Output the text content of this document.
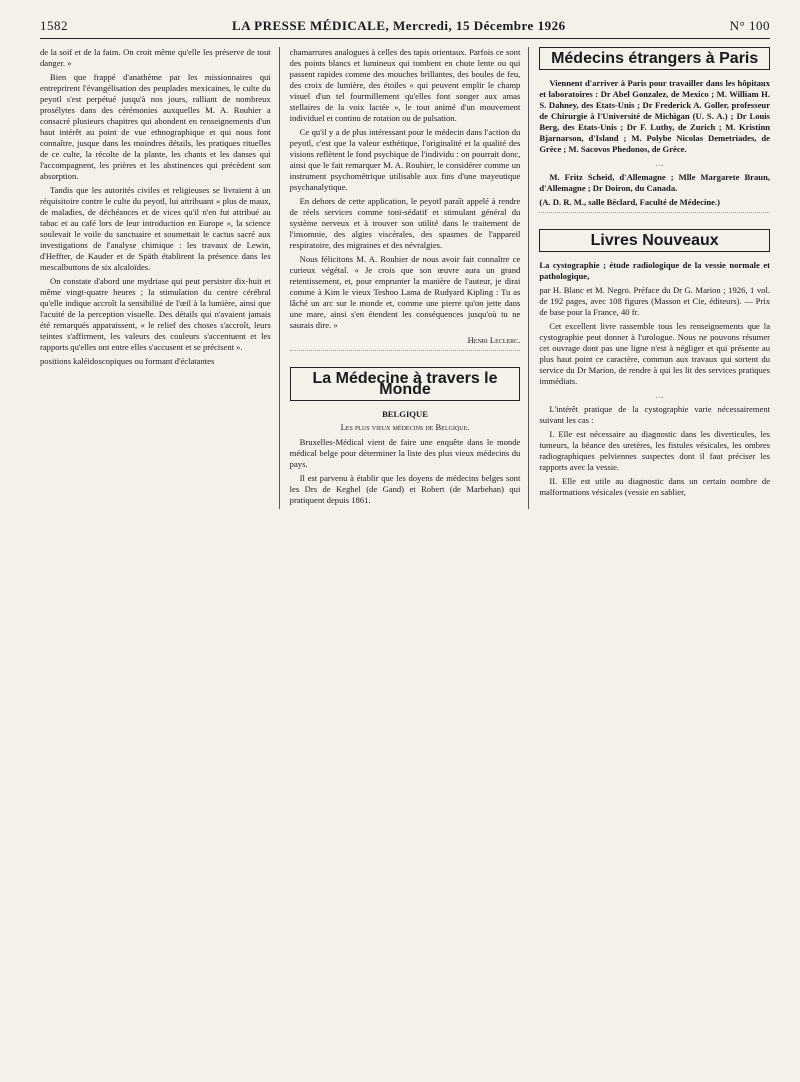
1582	LA PRESSE MÉDICALE, Mercredi, 15 Décembre 1926	N° 100

de la soif et de la faim. On croit même qu'elle les préserve de tout danger. »

Bien que frappé d'anathème par les missionnaires qui entreprirent l'évangélisation des peuplades mexicaines, le culte du peyotl s'est perpétué jusqu'à nos jours, ralliant de nombreux prosélytes dans des cérémonies auxquelles M. A. Rouhier a consacré plusieurs chapitres qui abondent en renseignements d'un haut intérêt au point de vue ethnographique et qui nous font connaître, jusque dans les moindres détails, les pratiques rituelles de ce culte, la récolte de la plante, les chants et les danses qui l'accompagnent, les prières et les abstinences qui précèdent son absorption.

Tandis que les autorités civiles et religieuses se livraient à un réquisitoire contre le culte du peyotl, lui attribuant « plus de maux, de maladies, de déchéances et de vices qu'il n'en fut attribué au tabac et au café lors de leur introduction en Europe », la science soulevait le voile du sanctuaire et soumettait le cactus sacré aux investigations de l'analyse chimique : les travaux de Lewin, d'Heffter, de Kauder et de Späth établirent la présence dans les mescalbuttons de six alcaloïdes.

On constate d'abord une mydriase qui peut persister dix-huit et même vingt-quatre heures ; la stimulation du centre cérébral qu'elle indique accroît la sensibilité de l'œil à la lumière, ainsi que l'acuité de la perception visuelle. Des détails qui n'avaient jamais été remarqués apparaissent, « le relief des choses s'accroît, leurs teintes s'affirment, les valeurs des couleurs s'accentuent et les rapports qu'elles ont entre elles s'accusent et se précisent ».

positions kaléidoscopiques ou formant d'éclatantes

chamarrures analogues à celles des tapis orientaux. Parfois ce sont des points blancs et lumineux qui tombent en chute lente ou qui passent rapides comme des mouches brillantes, des boules de feu, des croix de lumière, des étoiles « qui peuvent emplir le champ visuel d'un tel fourmillement qu'elles font songer aux amas stellaires de la voix lactée », le tout animé d'un mouvement individuel et continu de rotation ou de pulsation.

Ce qu'il y a de plus intéressant pour le médecin dans l'action du peyotl, c'est que la valeur esthétique, l'originalité et la qualité des visions reflètent le fond psychique de l'individu : on pourrait donc, ainsi que le fait remarquer M. A. Rouhier, le considérer comme un instrument psychométrique utilisable aux fins d'une mayeutique psychanalytique.

En dehors de cette application, le peyotl paraît appelé à rendre de réels services comme toni-sédatif et stimulant général du système nerveux et à trouver son utilité dans le traitement de l'insomnie, des algies viscérales, des spasmes de l'appareil respiratoire, des migraines et des névralgies.

Nous félicitons M. A. Rouhier de nous avoir fait connaître ce curieux végétal. « Je crois que son œuvre aura un grand retentissement, et, pour emprunter la manière de l'auteur, je dirai comme à Kim le vieux Teshoo Lama de Rudyard Kipling : Tu as lâché un arc sur le monde et, comme une pierre qu'on jette dans une mare, ainsi s'en étendent les conséquences jusqu'où tu ne saurais dire. »

Henri Leclerc.
La Médecine à travers le Monde

BELGIQUE

Les plus vieux médecins de Belgique.

Bruxelles-Médical vient de faire une enquête dans le monde médical belge pour déterminer la liste des plus vieux médecins du pays.

Il est parvenu à établir que les doyens de médecins belges sont les Drs de Keghel (de Gand) et Robert (de Marbehan) qui pratiquent depuis 1861.

Médecins étrangers à Paris

Viennent d'arriver à Paris pour travailler dans les hôpitaux et laboratoires : Dr Abel Gonzalez, de Mexico ; M. William H. S. Dahney, des Etats-Unis ; Dr Frederick A. Goller, professeur de Chirurgie à l'Université de Michigan (U. S. A.) ; Dr Louis Berg, des Etats-Unis ; Dr F. Luthy, de Zurich ; M. Kristinn Bjarnarson, d'Island ; M. Polybe Nicolas Demetriades, de Grèce ; M. Sacovos Phedonos, de Grèce.

…

M. Fritz Scheid, d'Allemagne ; Mlle Margarete Braun, d'Allemagne ; Dr Doiron, du Canada.

(A. D. R. M., salle Béclard, Faculté de Médecine.)

Livres Nouveaux

La cystographie ; étude radiologique de la vessie normale et pathologique,

par H. Blanc et M. Negro. Préface du Dr G. Marion ; 1926, 1 vol. de 192 pages, avec 108 figures (Masson et Cie, éditeurs). — Prix de base pour la France, 40 fr.

Cet excellent livre rassemble tous les renseignements que la cystographie peut donner à l'urologue. Nous ne pouvons résumer cet ouvrage dont pas une ligne n'est à négliger et qui présente au plus haut point ce caractère, commun aux travaux qui sortent du service du Dr Marion, de rendre à qui les lit des services pratiques immédiats.

…

L'intérêt pratique de la cystographie varie nécessairement suivant les cas :

I. Elle est nécessaire au diagnostic dans les diverticules, les tumeurs, la béance des uretères, les fistules vésicales, les ombres radiographiques pelviennes suspectes dont il faut préciser les rapports avec la vessie.

II. Elle est utile au diagnostic dans un certain nombre de malformations vésicales (vessie en sablier,
